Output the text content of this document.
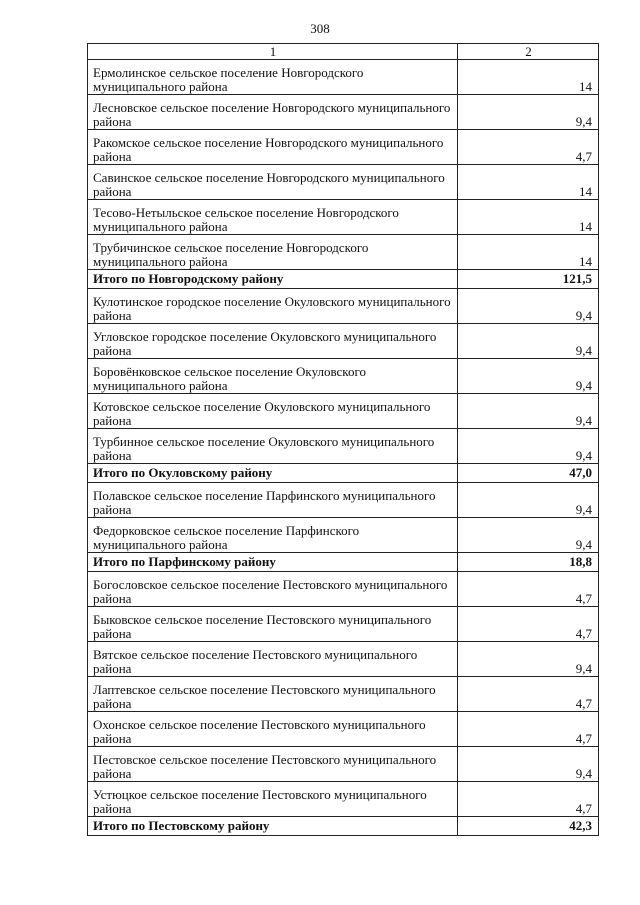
308
1	2
Ермолинское сельское поселение Новгородского муниципального района	14
Лесновское сельское поселение Новгородского муниципального района	9,4
Ракомское сельское поселение Новгородского муниципального района	4,7
Савинское сельское поселение Новгородского муниципального района	14
Тесово-Нетыльское сельское поселение Новгородского муниципального района	14
Трубичинское сельское поселение Новгородского муниципального района	14
Итого по Новгородскому району	121,5
Кулотинское городское поселение Окуловского муниципального района	9,4
Угловское городское поселение Окуловского муниципального района	9,4
Боровёнковское сельское поселение Окуловского муниципального района	9,4
Котовское сельское поселение Окуловского муниципального района	9,4
Турбинное сельское поселение Окуловского муниципального района	9,4
Итого по Окуловскому району	47,0
Полавское сельское поселение Парфинского муниципального района	9,4
Федорковское сельское поселение Парфинского муниципального района	9,4
Итого по Парфинскому району	18,8
Богословское сельское поселение Пестовского муниципального района	4,7
Быковское сельское поселение Пестовского муниципального района	4,7
Вятское сельское поселение Пестовского муниципального района	9,4
Лаптевское сельское поселение Пестовского муниципального района	4,7
Охонское сельское поселение Пестовского муниципального района	4,7
Пестовское сельское поселение Пестовского муниципального района	9,4
Устюцкое сельское поселение Пестовского муниципального района	4,7
Итого по Пестовскому району	42,3
